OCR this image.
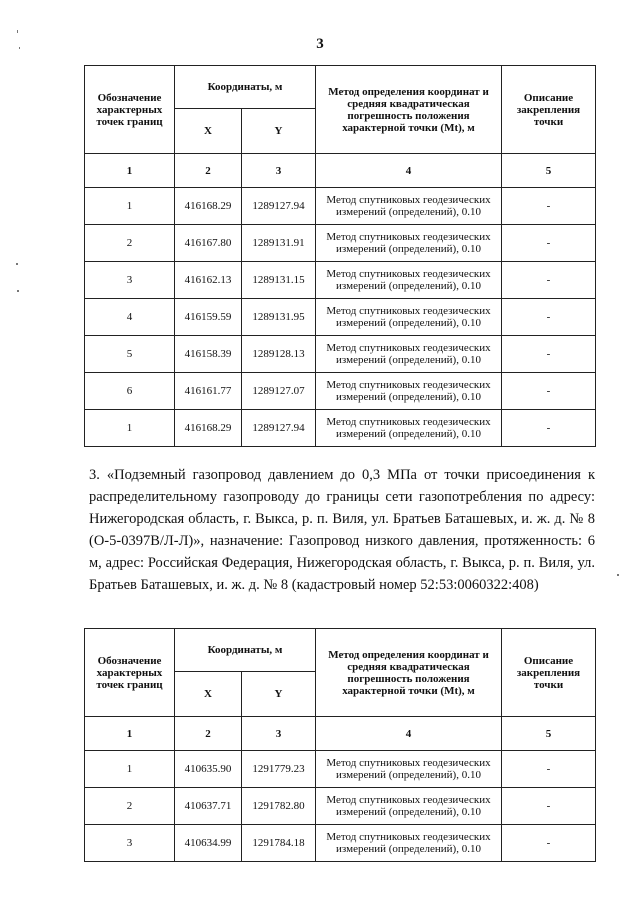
3
Обозначение характерных точек границ	Координаты, м		Метод определения координат и средняя квадратическая погрешность положения характерной точки (Mt), м	Описание закрепления точки
	X	Y		
1	2	3	4	5
1	416168.29	1289127.94	Метод спутниковых геодезических измерений (определений), 0.10	-
2	416167.80	1289131.91	Метод спутниковых геодезических измерений (определений), 0.10	-
3	416162.13	1289131.15	Метод спутниковых геодезических измерений (определений), 0.10	-
4	416159.59	1289131.95	Метод спутниковых геодезических измерений (определений), 0.10	-
5	416158.39	1289128.13	Метод спутниковых геодезических измерений (определений), 0.10	-
6	416161.77	1289127.07	Метод спутниковых геодезических измерений (определений), 0.10	-
1	416168.29	1289127.94	Метод спутниковых геодезических измерений (определений), 0.10	-

3. «Подземный газопровод давлением до 0,3 МПа от точки присоединения к распределительному газопроводу до границы сети газопотребления по адресу: Нижегородская область, г. Выкса, р. п. Виля, ул. Братьев Баташевых, и. ж. д. № 8 (О-5-0397В/Л-Л)», назначение: Газопровод низкого давления, протяженность: 6 м, адрес: Российская Федерация, Нижегородская область, г. Выкса, р. п. Виля, ул. Братьев Баташевых, и. ж. д. № 8 (кадастровый номер 52:53:0060322:408)

Обозначение характерных точек границ	Координаты, м		Метод определения координат и средняя квадратическая погрешность положения характерной точки (Mt), м	Описание закрепления точки
	X	Y		
1	2	3	4	5
1	410635.90	1291779.23	Метод спутниковых геодезических измерений (определений), 0.10	-
2	410637.71	1291782.80	Метод спутниковых геодезических измерений (определений), 0.10	-
3	410634.99	1291784.18	Метод спутниковых геодезических измерений (определений), 0.10	-
